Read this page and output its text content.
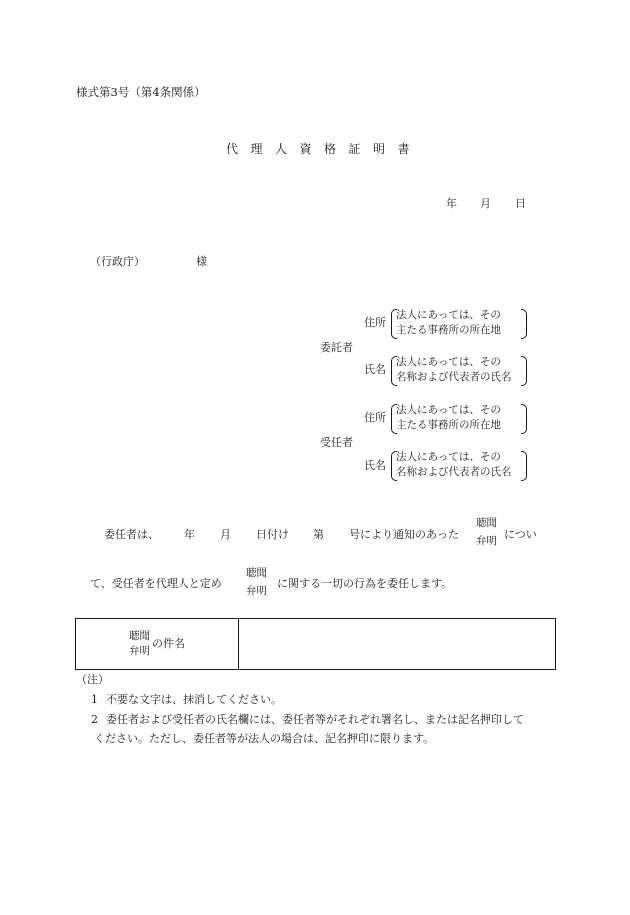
様式第3号（第4条関係）
代理人資格証明書
年 月 日
（行政庁）	様
委託者
住所
法人にあっては、その
主たる事務所の所在地
氏名
法人にあっては、その
名称および代表者の氏名
受任者
住所
法人にあっては、その
主たる事務所の所在地
氏名
法人にあっては、その
名称および代表者の氏名
委任者は、 年 月 日付け 第 号により通知のあった
聴聞
弁明 につい
て、受任者を代理人と定め
聴聞
弁明
に関する一切の行為を委任します。
聴聞
弁明
の件名
（注）
1 不要な文字は、抹消してください。
2 委任者および受任者の氏名欄には、委任者等がそれぞれ署名し、または記名押印して
ください。ただし、委任者等が法人の場合は、記名押印に限ります。
